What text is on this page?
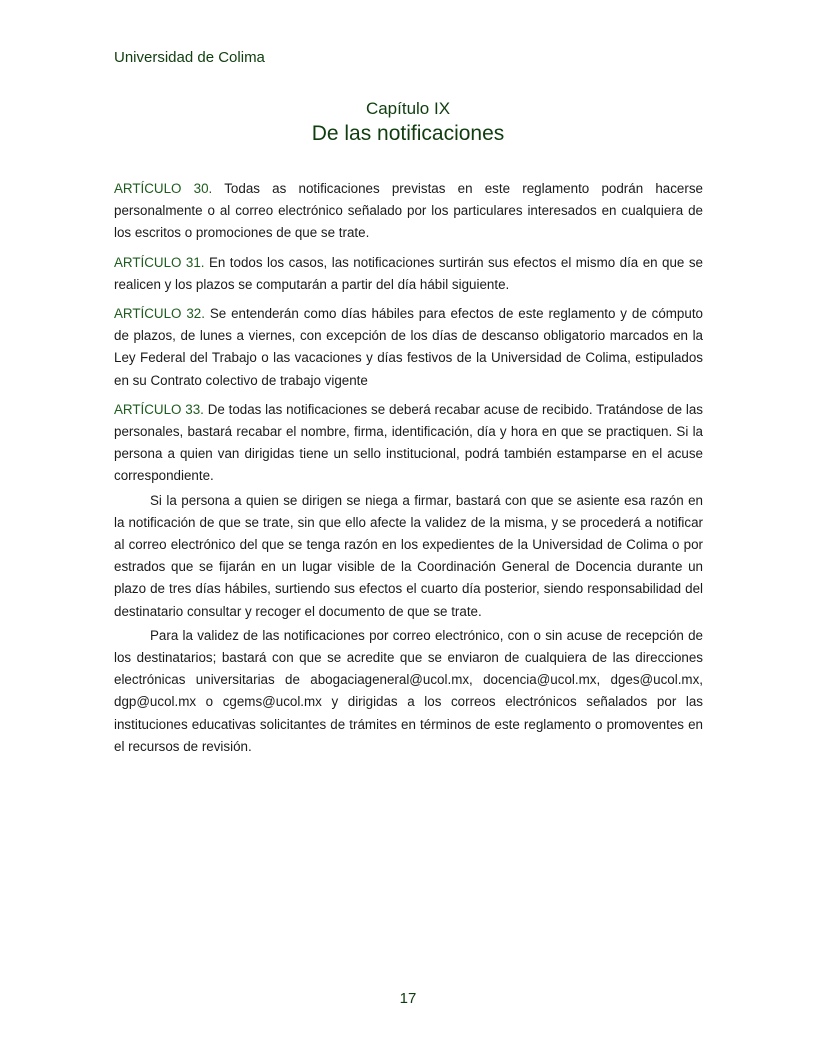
Universidad de Colima
Capítulo IX
De las notificaciones

ARTÍCULO 30. Todas as notificaciones previstas en este reglamento podrán hacerse personalmente o al correo electrónico señalado por los particulares interesados en cualquiera de los escritos o promociones de que se trate.

ARTÍCULO 31. En todos los casos, las notificaciones surtirán sus efectos el mismo día en que se realicen y los plazos se computarán a partir del día hábil siguiente.

ARTÍCULO 32. Se entenderán como días hábiles para efectos de este reglamento y de cómputo de plazos, de lunes a viernes, con excepción de los días de descanso obligatorio marcados en la Ley Federal del Trabajo o las vacaciones y días festivos de la Universidad de Colima, estipulados en su Contrato colectivo de trabajo vigente

ARTÍCULO 33. De todas las notificaciones se deberá recabar acuse de recibido. Tratándose de las personales, bastará recabar el nombre, firma, identificación, día y hora en que se practiquen. Si la persona a quien van dirigidas tiene un sello institucional, podrá también estamparse en el acuse correspondiente.

Si la persona a quien se dirigen se niega a firmar, bastará con que se asiente esa razón en la notificación de que se trate, sin que ello afecte la validez de la misma, y se procederá a notificar al correo electrónico del que se tenga razón en los expedientes de la Universidad de Colima o por estrados que se fijarán en un lugar visible de la Coordinación General de Docencia durante un plazo de tres días hábiles, surtiendo sus efectos el cuarto día posterior, siendo responsabilidad del destinatario consultar y recoger el documento de que se trate.

Para la validez de las notificaciones por correo electrónico, con o sin acuse de recepción de los destinatarios; bastará con que se acredite que se enviaron de cualquiera de las direcciones electrónicas universitarias de abogaciageneral@ucol.mx, docencia@ucol.mx, dges@ucol.mx, dgp@ucol.mx o cgems@ucol.mx y dirigidas a los correos electrónicos señalados por las instituciones educativas solicitantes de trámites en términos de este reglamento o promoventes en el recursos de revisión.

17
